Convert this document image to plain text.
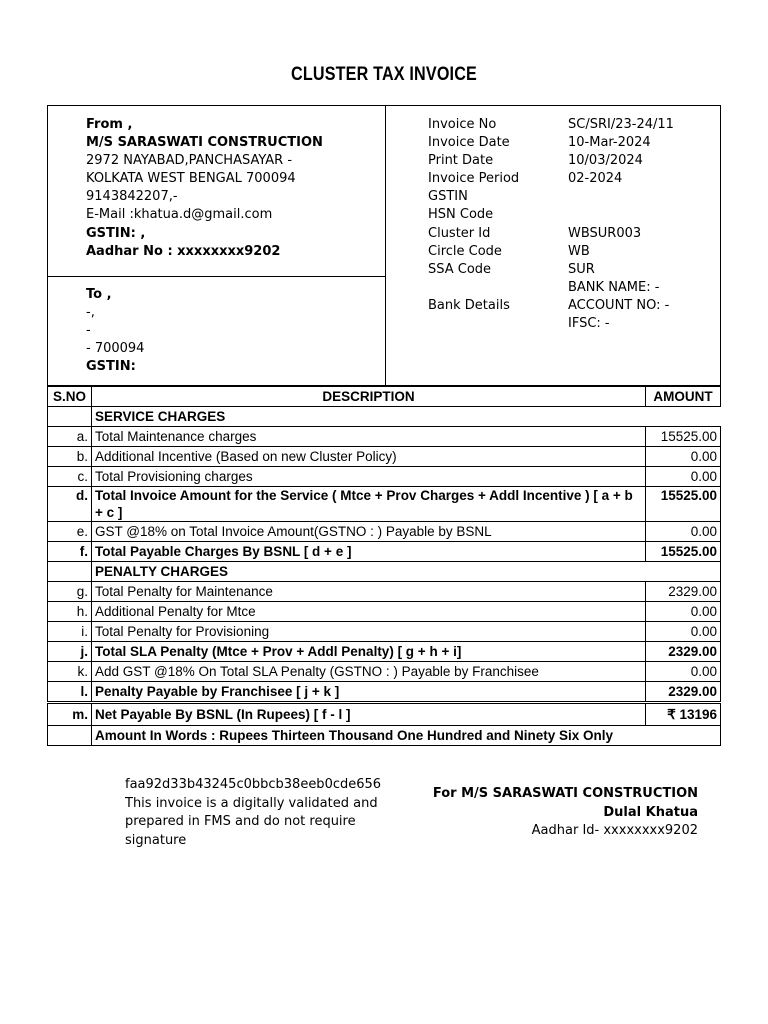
CLUSTER TAX INVOICE
From ,
M/S SARASWATI CONSTRUCTION
2972 NAYABAD,PANCHASAYAR -
KOLKATA WEST BENGAL 700094
9143842207,-
E-Mail :khatua.d@gmail.com
GSTIN: ,
Aadhar No : xxxxxxxx9202
To ,
-,
-
- 700094
GSTIN:
Invoice No	SC/SRI/23-24/11
Invoice Date	10-Mar-2024
Print Date	10/03/2024
Invoice Period	02-2024
GSTIN
HSN Code
Cluster Id	WBSUR003
Circle Code	WB
SSA Code	SUR
BANK NAME: -
Bank Details	ACCOUNT NO: -
IFSC: -
S.NO	DESCRIPTION	AMOUNT
	SERVICE CHARGES	
a.	Total Maintenance charges	15525.00
b.	Additional Incentive (Based on new Cluster Policy)	0.00
c.	Total Provisioning charges	0.00
d.	Total Invoice Amount for the Service ( Mtce + Prov Charges + Addl Incentive ) [ a + b + c ]	15525.00
e.	GST @18% on Total Invoice Amount(GSTNO : ) Payable by BSNL	0.00
f.	Total Payable Charges By BSNL [ d + e ]	15525.00
	PENALTY CHARGES	
g.	Total Penalty for Maintenance	2329.00
h.	Additional Penalty for Mtce	0.00
i.	Total Penalty for Provisioning	0.00
j.	Total SLA Penalty (Mtce + Prov + Addl Penalty) [ g + h + i]	2329.00
k.	Add GST @18% On Total SLA Penalty (GSTNO : ) Payable by Franchisee	0.00
l.	Penalty Payable by Franchisee [ j + k ]	2329.00
m.	Net Payable By BSNL (In Rupees) [ f - l ]	₹ 13196
	Amount In Words : Rupees Thirteen Thousand One Hundred and Ninety Six Only	
faa92d33b43245c0bbcb38eeb0cde656
This invoice is a digitally validated and
prepared in FMS and do not require
signature
For M/S SARASWATI CONSTRUCTION
Dulal Khatua
Aadhar Id- xxxxxxxx9202
